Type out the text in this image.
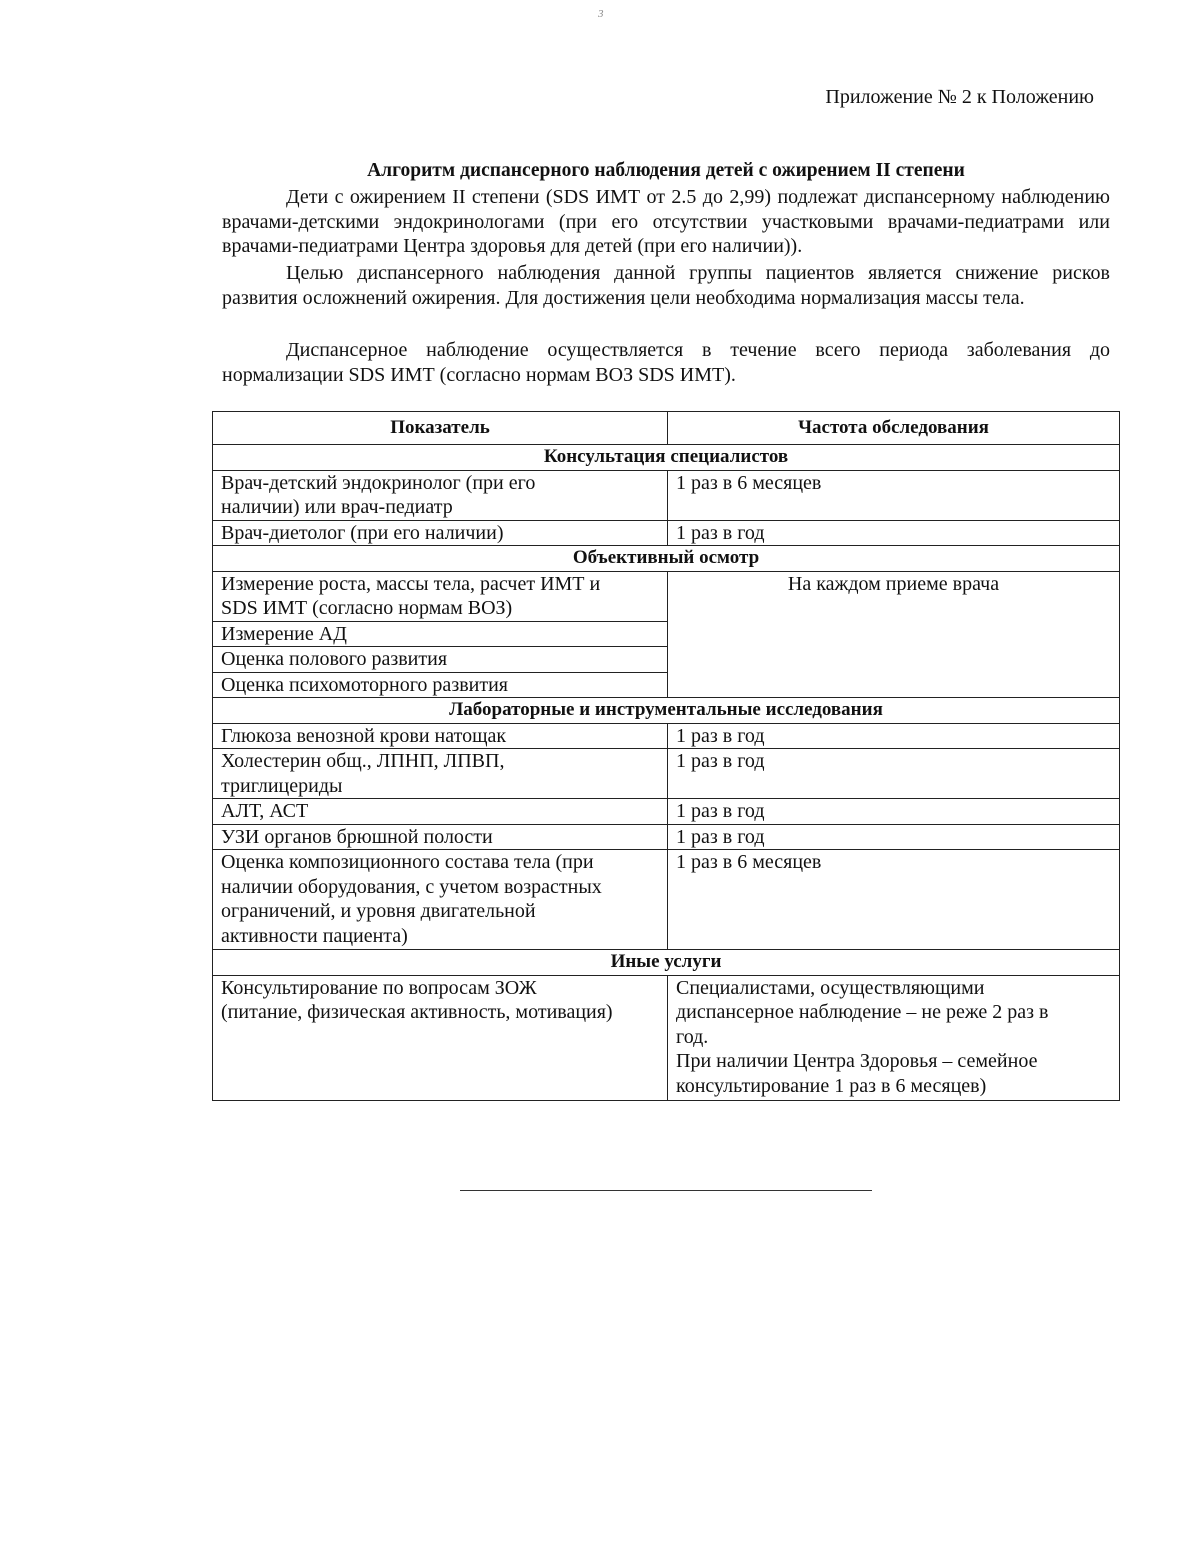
3
Приложение № 2 к Положению
Алгоритм диспансерного наблюдения детей с ожирением II степени
Дети с ожирением II степени (SDS ИМТ от 2.5 до 2,99) подлежат диспансерному наблюдению врачами-детскими эндокринологами (при его отсутствии участковыми врачами-педиатрами или врачами-педиатрами Центра здоровья для детей (при его наличии)).
Целью диспансерного наблюдения данной группы пациентов является снижение рисков развития осложнений ожирения. Для достижения цели необходима нормализация массы тела.
Диспансерное наблюдение осуществляется в течение всего периода заболевания до нормализации SDS ИМТ (согласно нормам ВОЗ SDS ИМТ).
Показатель	Частота обследования
Консультация специалистов	
Врач-детский эндокринолог (при его
наличии) или врач-педиатр	1 раз в 6 месяцев
Врач-диетолог (при его наличии)	1 раз в год
Объективный осмотр	
Измерение роста, массы тела, расчет ИМТ и
SDS ИМТ (согласно нормам ВОЗ)	На каждом приеме врача
Измерение АД	
Оценка полового развития	
Оценка психомоторного развития	
Лабораторные и инструментальные исследования	
Глюкоза венозной крови натощак	1 раз в год
Холестерин общ., ЛПНП, ЛПВП,
триглицериды	1 раз в год
АЛТ, АСТ	1 раз в год
УЗИ органов брюшной полости	1 раз в год
Оценка композиционного состава тела (при
наличии оборудования, с учетом возрастных
ограничений, и уровня двигательной
активности пациента)	1 раз в 6 месяцев
Иные услуги	
Консультирование по вопросам ЗОЖ
(питание, физическая активность, мотивация)	Специалистами, осуществляющими
диспансерное наблюдение – не реже 2 раз в
год.
При наличии Центра Здоровья – семейное
консультирование 1 раз в 6 месяцев)
